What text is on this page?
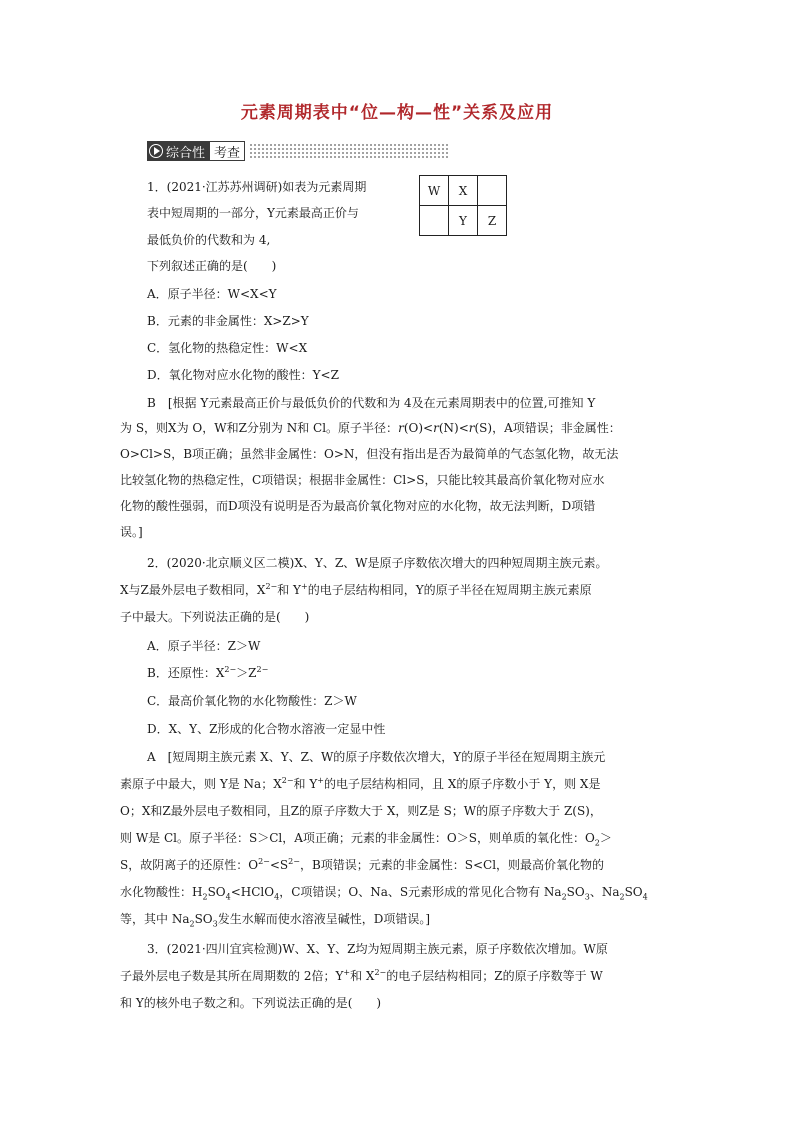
元素周期表中“位—构—性”关系及应用
综合性 考查
1．(2021·江苏苏州调研)如表为元素周期
表中短周期的一部分，Y元素最高正价与
最低负价的代数和为 4,
下列叙述正确的是(　　)
W	X	
	Y	Z
A．原子半径：W<X<Y
B．元素的非金属性：X>Z>Y
C．氢化物的热稳定性：W<X
D．氧化物对应水化物的酸性：Y<Z
B　[根据 Y元素最高正价与最低负价的代数和为 4及在元素周期表中的位置,可推知 Y
为 S，则X为 O，W和Z分别为 N和 Cl。原子半径：r(O)<r(N)<r(S)，A项错误；非金属性：
O>Cl>S，B项正确；虽然非金属性：O>N，但没有指出是否为最简单的气态氢化物，故无法
比较氢化物的热稳定性，C项错误；根据非金属性：Cl>S，只能比较其最高价氧化物对应水
化物的酸性强弱，而D项没有说明是否为最高价氧化物对应的水化物，故无法判断，D项错
误。]
2．(2020·北京顺义区二模)X、Y、Z、W是原子序数依次增大的四种短周期主族元素。
X与Z最外层电子数相同，$X^{2-}$和 Y+的电子层结构相同，Y的原子半径在短周期主族元素原
子中最大。下列说法正确的是(　　)
A．原子半径：Z＞W
B．还原性：$X^{2-}>Z^{2-}$
C．最高价氧化物的水化物酸性：Z＞W
D．X、Y、Z形成的化合物水溶液一定显中性
A　[短周期主族元素 X、Y、Z、W的原子序数依次增大，Y的原子半径在短周期主族元
素原子中最大，则 Y是 Na；$X^{2-}$和 Y+的电子层结构相同，且 X的原子序数小于 Y，则 X是
O；X和Z最外层电子数相同，且Z的原子序数大于 X，则Z是 S；W的原子序数大于 Z(S)，
则 W是 Cl。原子半径：S＞Cl，A项正确；元素的非金属性：O＞S，则单质的氧化性：$O_2>$
S，故阴离子的还原性：$O^{2-}<S^{2-}$，B项错误；元素的非金属性：S<Cl，则最高价氧化物的
水化物酸性：$H_2SO_4<HClO_4$，C项错误；O、Na、S元素形成的常见化合物有 $Na_2SO_3$、$Na_2SO_4$
等，其中 $Na_2SO_3$发生水解而使水溶液呈碱性，D项错误。]
3．(2021·四川宜宾检测)W、X、Y、Z均为短周期主族元素，原子序数依次增加。W原
子最外层电子数是其所在周期数的 2倍；Y+和 $X^{2-}$的电子层结构相同；Z的原子序数等于 W
和 Y的核外电子数之和。下列说法正确的是(　　)
